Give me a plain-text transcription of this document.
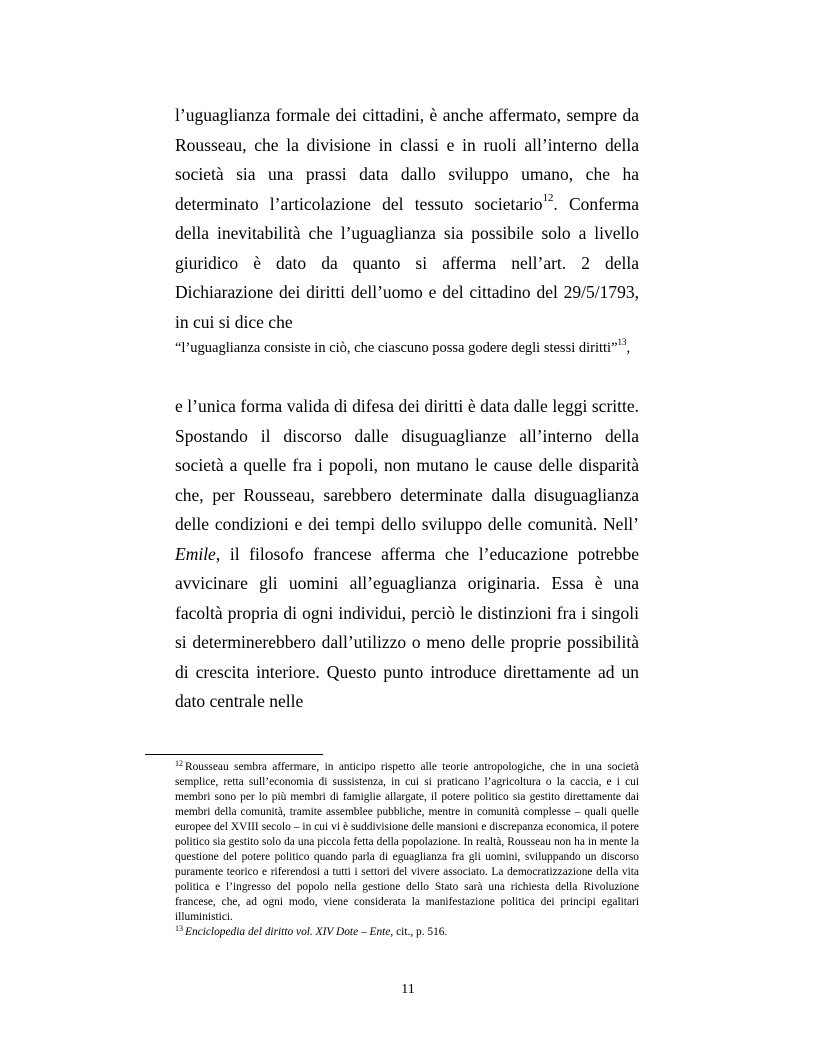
l’uguaglianza formale dei cittadini, è anche affermato, sempre da Rousseau, che la divisione in classi e in ruoli all’interno della società sia una prassi data dallo sviluppo umano, che ha determinato l’articolazione del tessuto societario$^{12}$. Conferma della inevitabilità che l’uguaglianza sia possibile solo a livello giuridico è dato da quanto si afferma nell’art. 2 della Dichiarazione dei diritti dell’uomo e del cittadino del 29/5/1793, in cui si dice che

“l’uguaglianza consiste in ciò, che ciascuno possa godere degli stessi diritti”$^{13}$,

e l’unica forma valida di difesa dei diritti è data dalle leggi scritte. Spostando il discorso dalle disuguaglianze all’interno della società a quelle fra i popoli, non mutano le cause delle disparità che, per Rousseau, sarebbero determinate dalla disuguaglianza delle condizioni e dei tempi dello sviluppo delle comunità. Nell’ Emile, il filosofo francese afferma che l’educazione potrebbe avvicinare gli uomini all’eguaglianza originaria. Essa è una facoltà propria di ogni individui, perciò le distinzioni fra i singoli si determinerebbero dall’utilizzo o meno delle proprie possibilità di crescita interiore. Questo punto introduce direttamente ad un dato centrale nelle

$^{12}$ Rousseau sembra affermare, in anticipo rispetto alle teorie antropologiche, che in una società semplice, retta sull’economia di sussistenza, in cui si praticano l’agricoltura o la caccia, e i cui membri sono per lo più membri di famiglie allargate, il potere politico sia gestito direttamente dai membri della comunità, tramite assemblee pubbliche, mentre in comunità complesse – quali quelle europee del XVIII secolo – in cui vi è suddivisione delle mansioni e discrepanza economica, il potere politico sia gestito solo da una piccola fetta della popolazione. In realtà, Rousseau non ha in mente la questione del potere politico quando parla di eguaglianza fra gli uomini, sviluppando un discorso puramente teorico e riferendosi a tutti i settori del vivere associato. La democratizzazione della vita politica e l’ingresso del popolo nella gestione dello Stato sarà una richiesta della Rivoluzione francese, che, ad ogni modo, viene considerata la manifestazione politica dei principi egalitari illuministici.

$^{13}$ Enciclopedia del diritto vol. XIV Dote – Ente, cit., p. 516.

11
